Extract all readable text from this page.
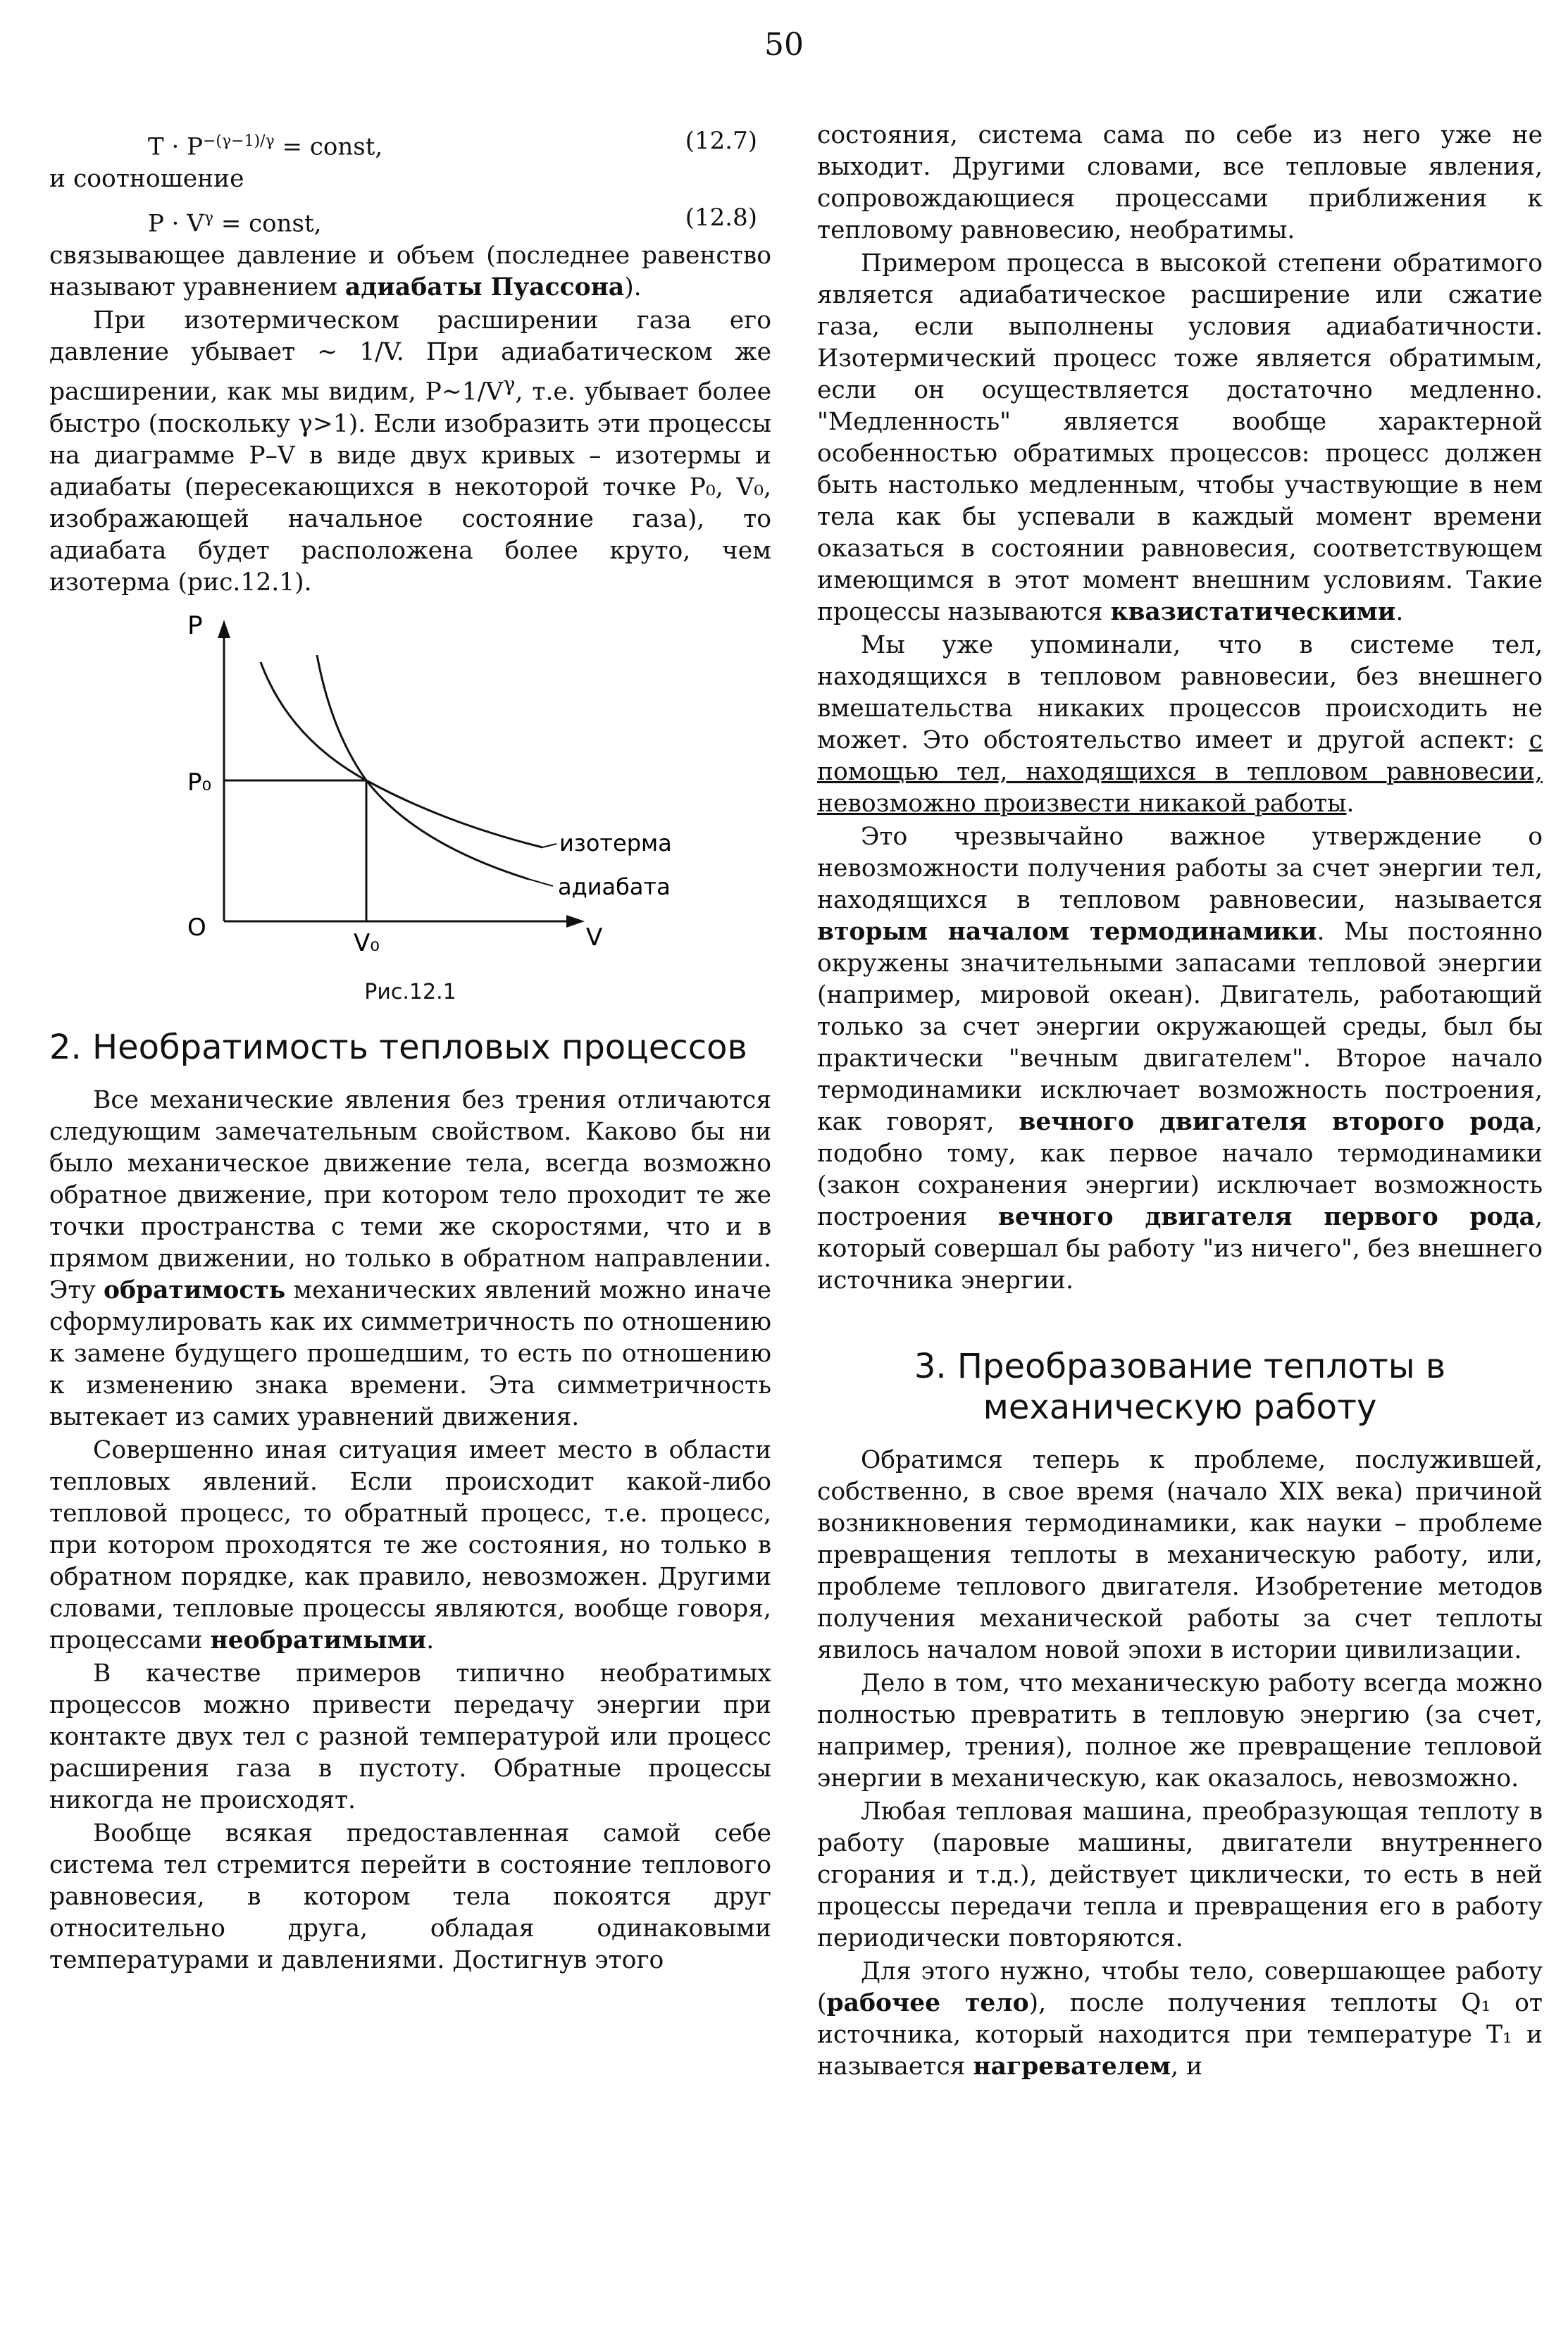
50
$T \cdot P^{-(\gamma-1)/\gamma}$ = const,	(12.7)

и соотношение

$P \cdot V^\gamma$ = const,	(12.8)

связывающее давление и объем (последнее равенство называют уравнением адиабаты Пуассона).

При изотермическом расширении газа его давление убывает ~ 1/V. При адиабатическом же расширении, как мы видим, $P\sim 1/V^\gamma$, т.е. убывает более быстро (поскольку γ>1). Если изобразить эти процессы на диаграмме P–V в виде двух кривых – изотермы и адиабаты (пересекающихся в некоторой точке P₀, V₀, изображающей начальное состояние газа), то адиабата будет расположена более круто, чем изотерма (рис.12.1).

P
P₀
O
V₀	V
изотерма
адиабата
Рис.12.1
2. Необратимость тепловых процессов

Все механические явления без трения отличаются следующим замечательным свойством. Каково бы ни было механическое движение тела, всегда возможно обратное движение, при котором тело проходит те же точки пространства с теми же скоростями, что и в прямом движении, но только в обратном направлении. Эту обратимость механических явлений можно иначе сформулировать как их симметричность по отношению к замене будущего прошедшим, то есть по отношению к изменению знака времени. Эта симметричность вытекает из самих уравнений движения.

Совершенно иная ситуация имеет место в области тепловых явлений. Если происходит какой-либо тепловой процесс, то обратный процесс, т.е. процесс, при котором проходятся те же состояния, но только в обратном порядке, как правило, невозможен. Другими словами, тепловые процессы являются, вообще говоря, процессами необратимыми.

В качестве примеров типично необратимых процессов можно привести передачу энергии при контакте двух тел с разной температурой или процесс расширения газа в пустоту. Обратные процессы никогда не происходят.

Вообще всякая предоставленная самой себе система тел стремится перейти в состояние теплового равновесия, в котором тела покоятся друг относительно друга, обладая одинаковыми температурами и давлениями. Достигнув этого

состояния, система сама по себе из него уже не выходит. Другими словами, все тепловые явления, сопровождающиеся процессами приближения к тепловому равновесию, необратимы.

Примером процесса в высокой степени обратимого является адиабатическое расширение или сжатие газа, если выполнены условия адиабатичности. Изотермический процесс тоже является обратимым, если он осуществляется достаточно медленно. "Медленность" является вообще характерной особенностью обратимых процессов: процесс должен быть настолько медленным, чтобы участвующие в нем тела как бы успевали в каждый момент времени оказаться в состоянии равновесия, соответствующем имеющимся в этот момент внешним условиям. Такие процессы называются квазистатическими.

Мы уже упоминали, что в системе тел, находящихся в тепловом равновесии, без внешнего вмешательства никаких процессов происходить не может. Это обстоятельство имеет и другой аспект: с помощью тел, находящихся в тепловом равновесии, невозможно произвести никакой работы.

Это чрезвычайно важное утверждение о невозможности получения работы за счет энергии тел, находящихся в тепловом равновесии, называется вторым началом термодинамики. Мы постоянно окружены значительными запасами тепловой энергии (например, мировой океан). Двигатель, работающий только за счет энергии окружающей среды, был бы практически "вечным двигателем". Второе начало термодинамики исключает возможность построения, как говорят, вечного двигателя второго рода, подобно тому, как первое начало термодинамики (закон сохранения энергии) исключает возможность построения вечного двигателя первого рода, который совершал бы работу "из ничего", без внешнего источника энергии.

3. Преобразование теплоты в механическую работу

Обратимся теперь к проблеме, послужившей, собственно, в свое время (начало XIX века) причиной возникновения термодинамики, как науки – проблеме превращения теплоты в механическую работу, или, проблеме теплового двигателя. Изобретение методов получения механической работы за счет теплоты явилось началом новой эпохи в истории цивилизации.

Дело в том, что механическую работу всегда можно полностью превратить в тепловую энергию (за счет, например, трения), полное же превращение тепловой энергии в механическую, как оказалось, невозможно.

Любая тепловая машина, преобразующая теплоту в работу (паровые машины, двигатели внутреннего сгорания и т.д.), действует циклически, то есть в ней процессы передачи тепла и превращения его в работу периодически повторяются.

Для этого нужно, чтобы тело, совершающее работу (рабочее тело), после получения теплоты Q₁ от источника, который находится при температуре T₁ и называется нагревателем, и
